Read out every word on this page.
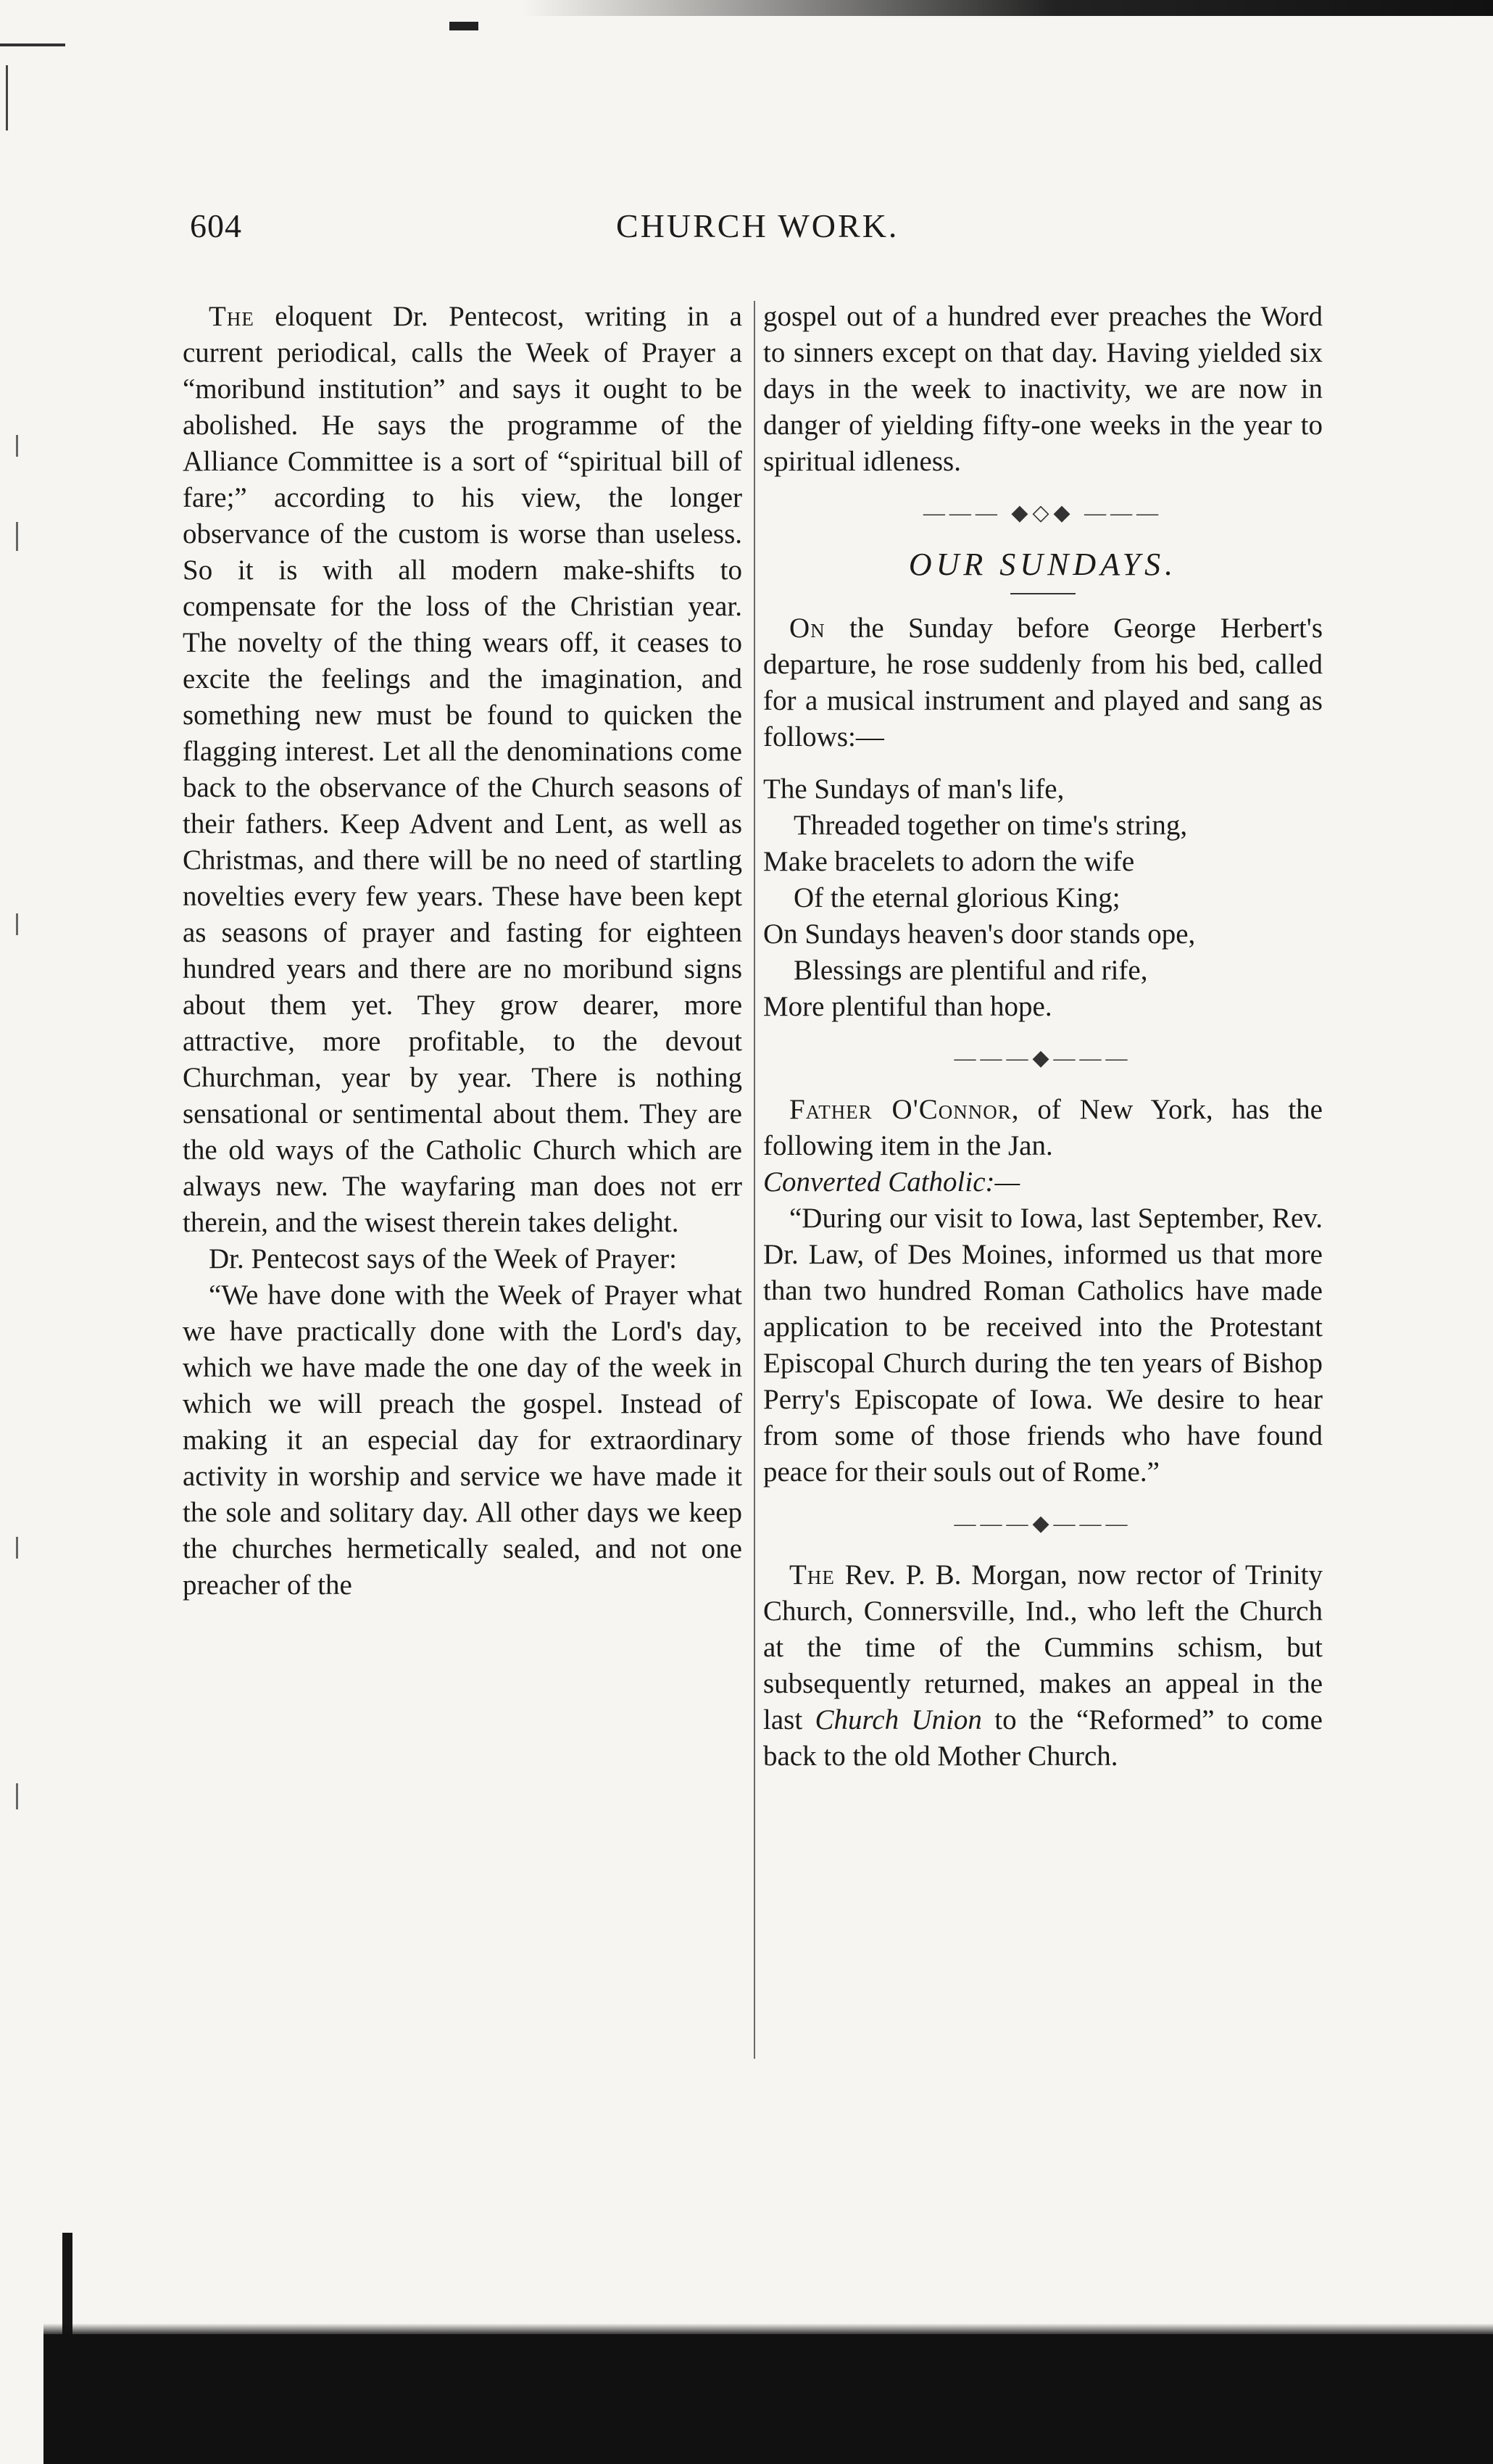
604	CHURCH WORK.

The eloquent Dr. Pentecost, writing in a current periodical, calls the Week of Prayer a “moribund institution” and says it ought to be abolished. He says the programme of the Alliance Committee is a sort of “spiritual bill of fare;” according to his view, the longer observance of the custom is worse than useless. So it is with all modern make-shifts to compensate for the loss of the Christian year. The novelty of the thing wears off, it ceases to excite the feelings and the imagination, and something new must be found to quicken the flagging interest. Let all the denominations come back to the observance of the Church seasons of their fathers. Keep Advent and Lent, as well as Christmas, and there will be no need of startling novelties every few years. These have been kept as seasons of prayer and fasting for eighteen hundred years and there are no moribund signs about them yet. They grow dearer, more attractive, more profitable, to the devout Churchman, year by year. There is nothing sensational or sentimental about them. They are the old ways of the Catholic Church which are always new. The wayfaring man does not err therein, and the wisest therein takes delight.

Dr. Pentecost says of the Week of Prayer:

“We have done with the Week of Prayer what we have practically done with the Lord's day, which we have made the one day of the week in which we will preach the gospel. Instead of making it an especial day for extraordinary activity in worship and service we have made it the sole and solitary day. All other days we keep the churches hermetically sealed, and not one preacher of the

gospel out of a hundred ever preaches the Word to sinners except on that day. Having yielded six days in the week to inactivity, we are now in danger of yielding fifty-one weeks in the year to spiritual idleness.

——— ◆◇◆ ———
OUR SUNDAYS.

On the Sunday before George Herbert's departure, he rose suddenly from his bed, called for a musical instrument and played and sang as follows:—

The Sundays of man's life,
Threaded together on time's string,
Make bracelets to adorn the wife
Of the eternal glorious King;
On Sundays heaven's door stands ope,
Blessings are plentiful and rife,
More plentiful than hope.
———◆———

Father O'Connor, of New York, has the following item in the Jan.

Converted Catholic:—

“During our visit to Iowa, last September, Rev. Dr. Law, of Des Moines, informed us that more than two hundred Roman Catholics have made application to be received into the Protestant Episcopal Church during the ten years of Bishop Perry's Episcopate of Iowa. We desire to hear from some of those friends who have found peace for their souls out of Rome.”

———◆———

The Rev. P. B. Morgan, now rector of Trinity Church, Connersville, Ind., who left the Church at the time of the Cummins schism, but subsequently returned, makes an appeal in the last Church Union to the “Reformed” to come back to the old Mother Church.
